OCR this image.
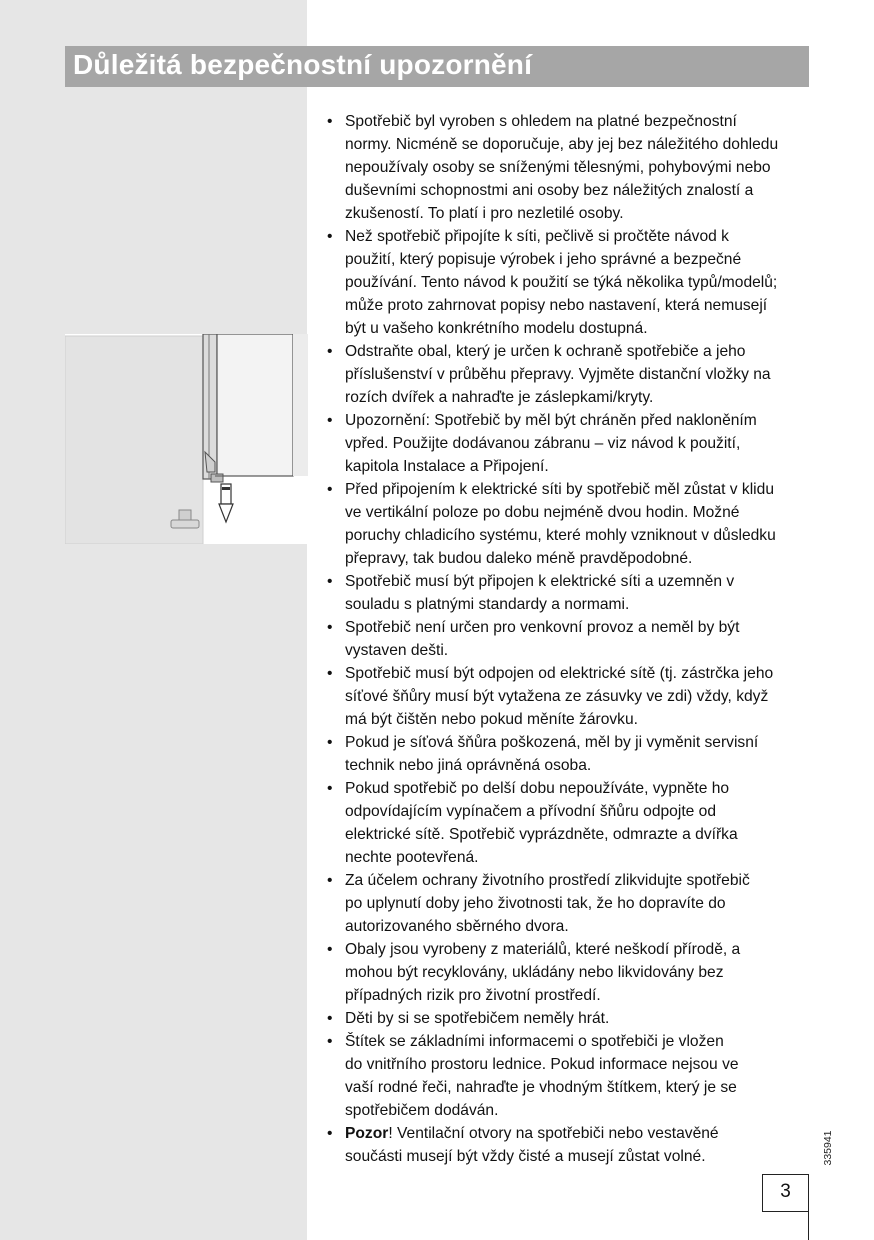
Důležitá bezpečnostní upozornění
• Spotřebič byl vyroben s ohledem na platné bezpečnostní
normy. Nicméně se doporučuje, aby jej bez náležitého dohledu
nepoužívaly osoby se sníženými tělesnými, pohybovými nebo
duševními schopnostmi ani osoby bez náležitých znalostí a
zkušeností. To platí i pro nezletilé osoby.
• Než spotřebič připojíte k síti, pečlivě si pročtěte návod k
použití, který popisuje výrobek i jeho správné a bezpečné
používání. Tento návod k použití se týká několika typů/modelů;
může proto zahrnovat popisy nebo nastavení, která nemusejí
být u vašeho konkrétního modelu dostupná.
• Odstraňte obal, který je určen k ochraně spotřebiče a jeho
příslušenství v průběhu přepravy. Vyjměte distanční vložky na
rozích dvířek a nahraďte je záslepkami/kryty.
• Upozornění: Spotřebič by měl být chráněn před nakloněním
vpřed. Použijte dodávanou zábranu – viz návod k použití,
kapitola Instalace a Připojení.
• Před připojením k elektrické síti by spotřebič měl zůstat v klidu
ve vertikální poloze po dobu nejméně dvou hodin. Možné
poruchy chladicího systému, které mohly vzniknout v důsledku
přepravy, tak budou daleko méně pravděpodobné.
• Spotřebič musí být připojen k elektrické síti a uzemněn v
souladu s platnými standardy a normami.
• Spotřebič není určen pro venkovní provoz a neměl by být
vystaven dešti.
• Spotřebič musí být odpojen od elektrické sítě (tj. zástrčka jeho
síťové šňůry musí být vytažena ze zásuvky ve zdi) vždy, když
má být čištěn nebo pokud měníte žárovku.
• Pokud je síťová šňůra poškozená, měl by ji vyměnit servisní
technik nebo jiná oprávněná osoba.
• Pokud spotřebič po delší dobu nepoužíváte, vypněte ho
odpovídajícím vypínačem a přívodní šňůru odpojte od
elektrické sítě. Spotřebič vyprázdněte, odmrazte a dvířka
nechte pootevřená.
• Za účelem ochrany životního prostředí zlikvidujte spotřebič
po uplynutí doby jeho životnosti tak, že ho dopravíte do
autorizovaného sběrného dvora.
• Obaly jsou vyrobeny z materiálů, které neškodí přírodě, a
mohou být recyklovány, ukládány nebo likvidovány bez
případných rizik pro životní prostředí.
• Děti by si se spotřebičem neměly hrát.
• Štítek se základními informacemi o spotřebiči je vložen
do vnitřního prostoru lednice. Pokud informace nejsou ve
vaší rodné řeči, nahraďte je vhodným štítkem, který je se
spotřebičem dodáván.
• Pozor! Ventilační otvory na spotřebiči nebo vestavěné
součásti musejí být vždy čisté a musejí zůstat volné.	335941
3
